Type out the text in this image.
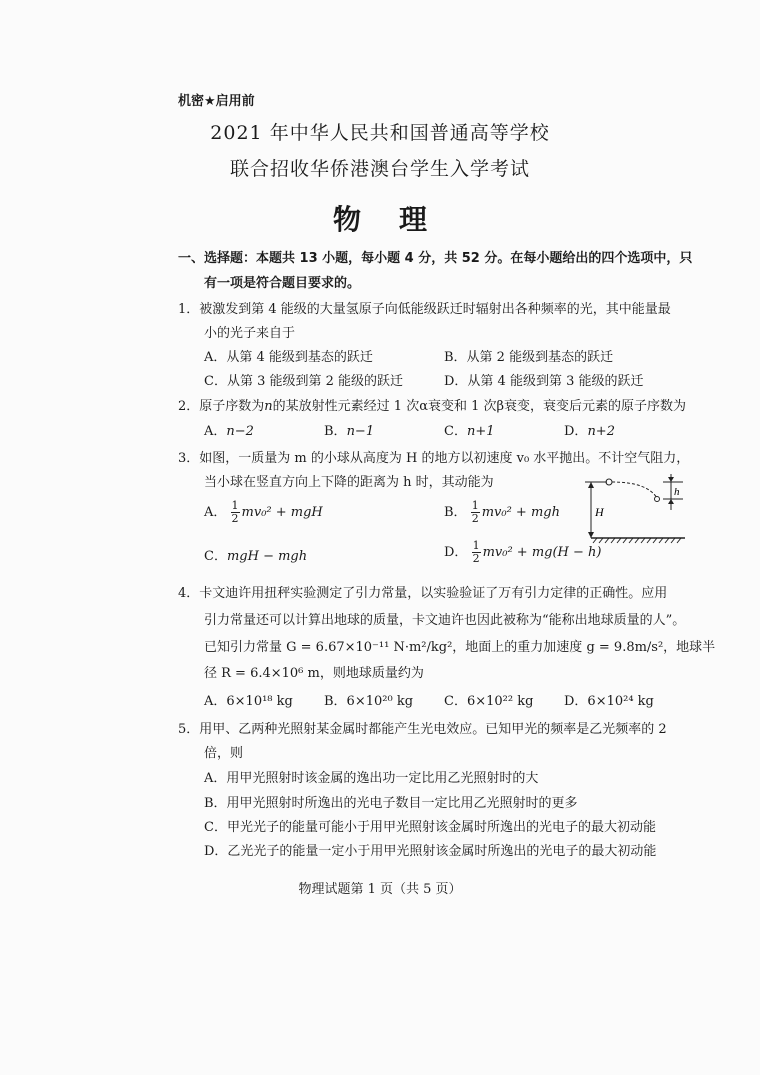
机密★启用前
2021 年中华人民共和国普通高等学校
联合招收华侨港澳台学生入学考试
物理
一、选择题：本题共 13 小题，每小题 4 分，共 52 分。在每小题给出的四个选项中，只
有一项是符合题目要求的。
1．被激发到第 4 能级的大量氢原子向低能级跃迁时辐射出各种频率的光，其中能量最
小的光子来自于
A．从第 4 能级到基态的跃迁	B．从第 2 能级到基态的跃迁
C．从第 3 能级到第 2 能级的跃迁	D．从第 4 能级到第 3 能级的跃迁
2．原子序数为n的某放射性元素经过 1 次α衰变和 1 次β衰变，衰变后元素的原子序数为
A．n−2	B．n−1	C．n+1	D．n+2
3．如图，一质量为 m 的小球从高度为 H 的地方以初速度 v₀ 水平抛出。不计空气阻力，
当小球在竖直方向上下降的距离为 h 时，其动能为
A． $\frac{1}{2} mv_0^2$ + mgH	B． $\frac{1}{2} mv_0^2$ + mgh
C．mgH − mgh	D． $\frac{1}{2} mv_0^2 + mg(H - h)$
H
h
4．卡文迪许用扭秤实验测定了引力常量，以实验验证了万有引力定律的正确性。应用
引力常量还可以计算出地球的质量，卡文迪许也因此被称为“能称出地球质量的人”。
已知引力常量 G = 6.67×10⁻¹¹ N·m²/kg²，地面上的重力加速度 g = 9.8m/s²，地球半
径 R = 6.4×10⁶ m，则地球质量约为
A．6×10¹⁸ kg B．6×10²⁰ kg C．6×10²² kg D．6×10²⁴ kg
5．用甲、乙两种光照射某金属时都能产生光电效应。已知甲光的频率是乙光频率的 2
倍，则
A．用甲光照射时该金属的逸出功一定比用乙光照射时的大
B．用甲光照射时所逸出的光电子数目一定比用乙光照射时的更多
C．甲光光子的能量可能小于用甲光照射该金属时所逸出的光电子的最大初动能
D．乙光光子的能量一定小于用甲光照射该金属时所逸出的光电子的最大初动能
物理试题第 1 页（共 5 页）
